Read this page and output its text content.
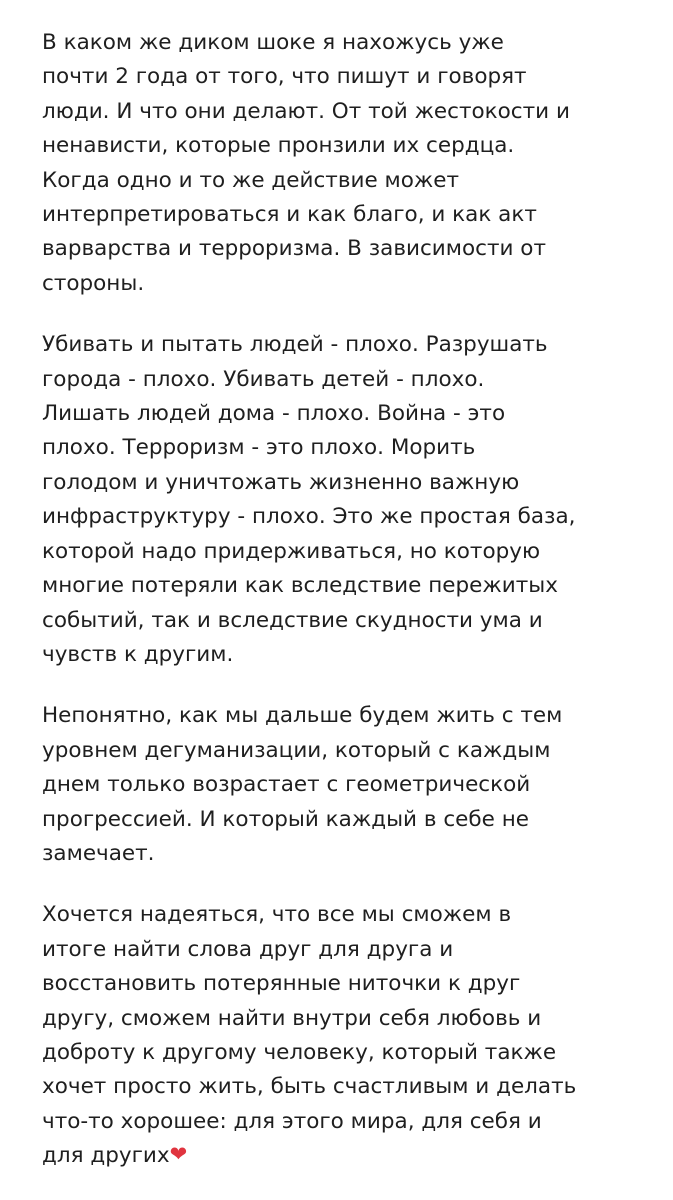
В каком же диком шоке я нахожусь уже
почти 2 года от того, что пишут и говорят
люди. И что они делают. От той жестокости и
ненависти, которые пронзили их сердца.
Когда одно и то же действие может
интерпретироваться и как благо, и как акт
варварства и терроризма. В зависимости от
стороны.
Убивать и пытать людей - плохо. Разрушать
города - плохо. Убивать детей - плохо.
Лишать людей дома - плохо. Война - это
плохо. Терроризм - это плохо. Морить
голодом и уничтожать жизненно важную
инфраструктуру - плохо. Это же простая база,
которой надо придерживаться, но которую
многие потеряли как вследствие пережитых
событий, так и вследствие скудности ума и
чувств к другим.
Непонятно, как мы дальше будем жить с тем
уровнем дегуманизации, который с каждым
днем только возрастает с геометрической
прогрессией. И который каждый в себе не
замечает.
Хочется надеяться, что все мы сможем в
итоге найти слова друг для друга и
восстановить потерянные ниточки к друг
другу, сможем найти внутри себя любовь и
доброту к другому человеку, который также
хочет просто жить, быть счастливым и делать
что-то хорошее: для этого мира, для себя и
для других❤
